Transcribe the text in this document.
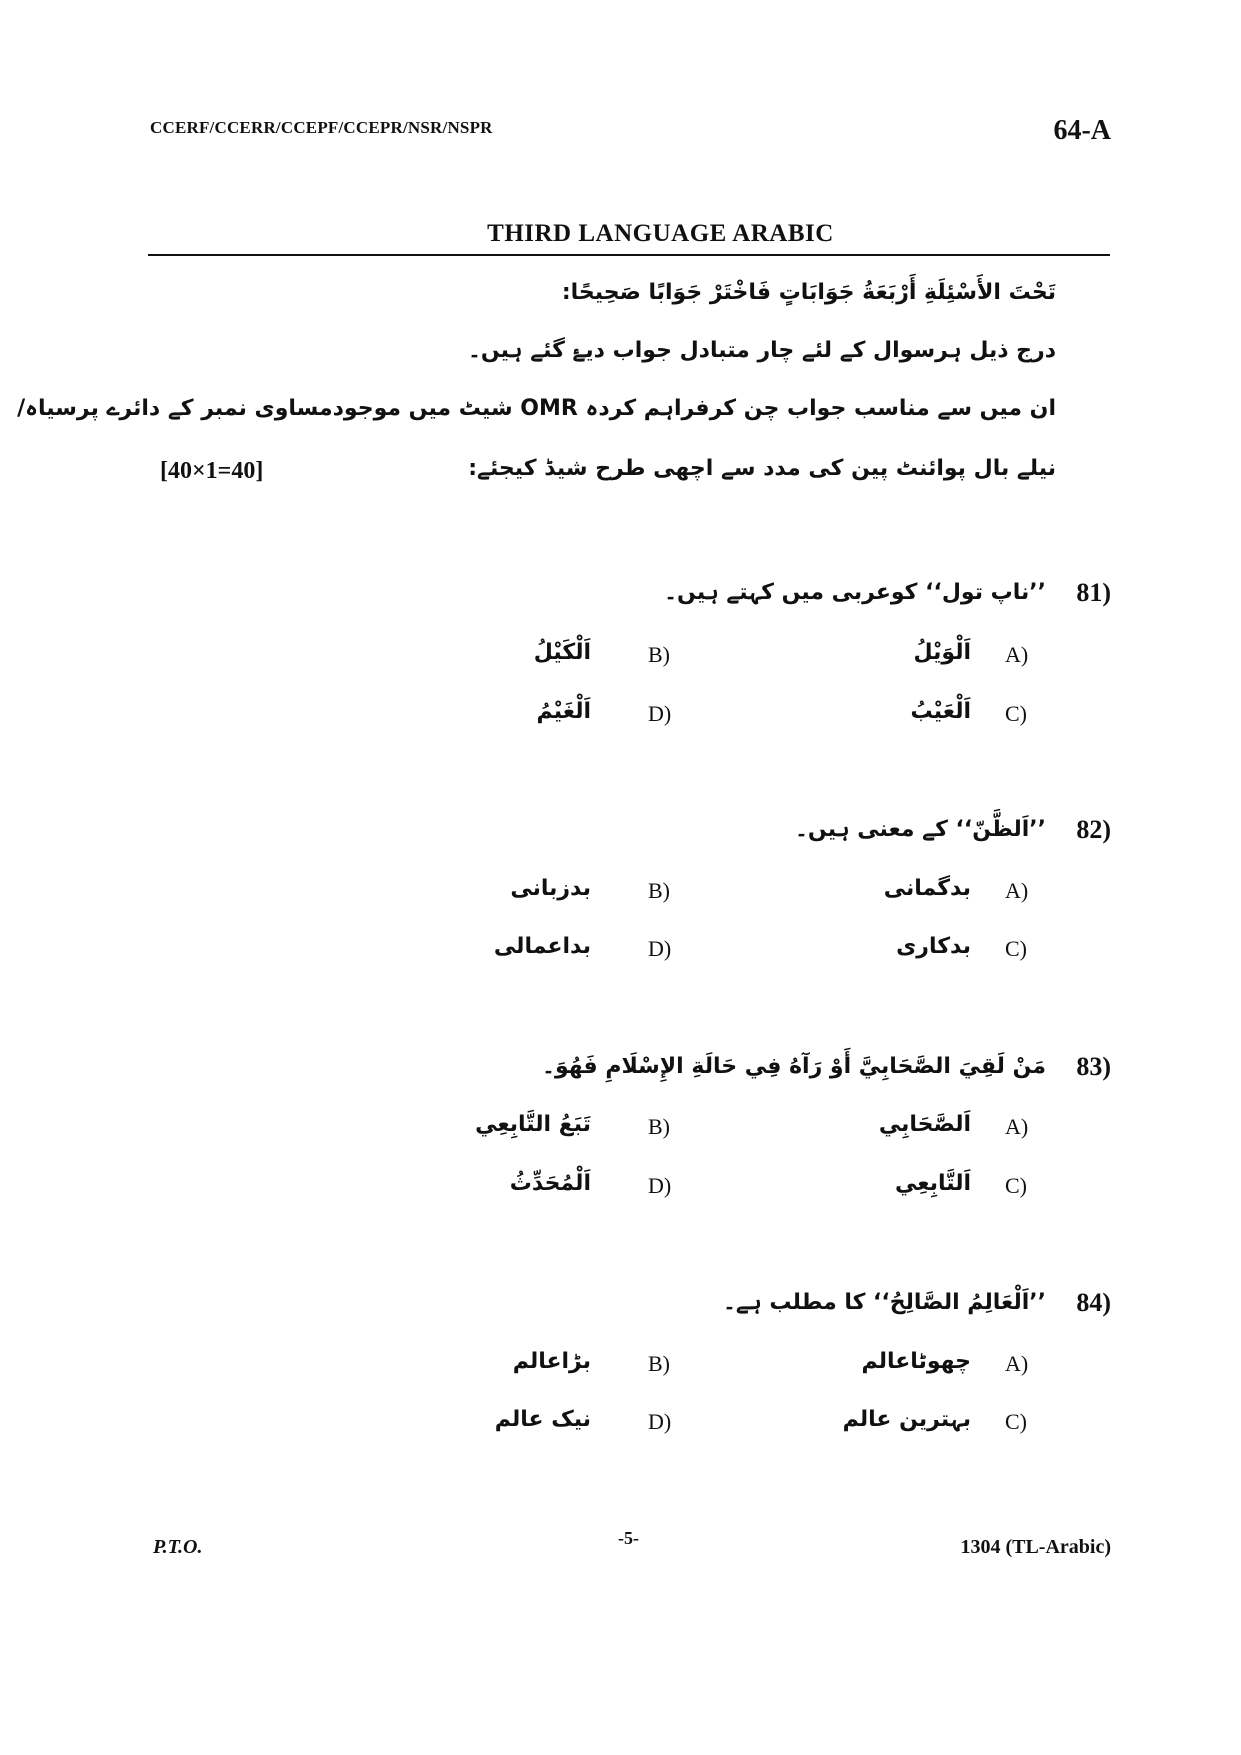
CCERF/CCERR/CCEPF/CCEPR/NSR/NSPR	64-A
THIRD LANGUAGE ARABIC
تَحْتَ الأَسْئِلَةِ أَرْبَعَةُ جَوَابَاتٍ فَاخْتَرْ جَوَابًا صَحِيحًا:
درج ذیل ہرسوال کے لئے چار متبادل جواب دیۓ گئے ہیں۔
ان میں سے مناسب جواب چن کرفراہم کردہ OMR شیٹ میں موجودمساوی نمبر کے دائرے پرسیاہ/
نیلے بال پوائنٹ پین کی مدد سے اچھی طرح شیڈ کیجئے:
[40×1=40]
81)
’’ناپ تول‘‘ کوعربی میں کہتے ہیں۔
A)
اَلْوَيْلُ
B)
اَلْكَيْلُ
C)
اَلْعَيْبُ
D)
اَلْغَيْمُ
82)
’’اَلظَّنّ‘‘ کے معنی ہیں۔
A)
بدگمانی
B)
بدزبانی
C)
بدکاری
D)
بداعمالی
83)
مَنْ لَقِيَ الصَّحَابِيَّ أَوْ رَآهُ فِي حَالَةِ الإِسْلَامِ فَهُوَ۔
A)
اَلصَّحَابِي
B)
تَبَعُ التَّابِعِي
C)
اَلتَّابِعِي
D)
اَلْمُحَدِّثُ
84)
’’اَلْعَالِمُ الصَّالِحُ‘‘ کا مطلب ہے۔
A)
چھوٹاعالم
B)
بڑاعالم
C)
بہترین عالم
D)
نیک عالم
P.T.O.	-5-	1304 (TL-Arabic)
